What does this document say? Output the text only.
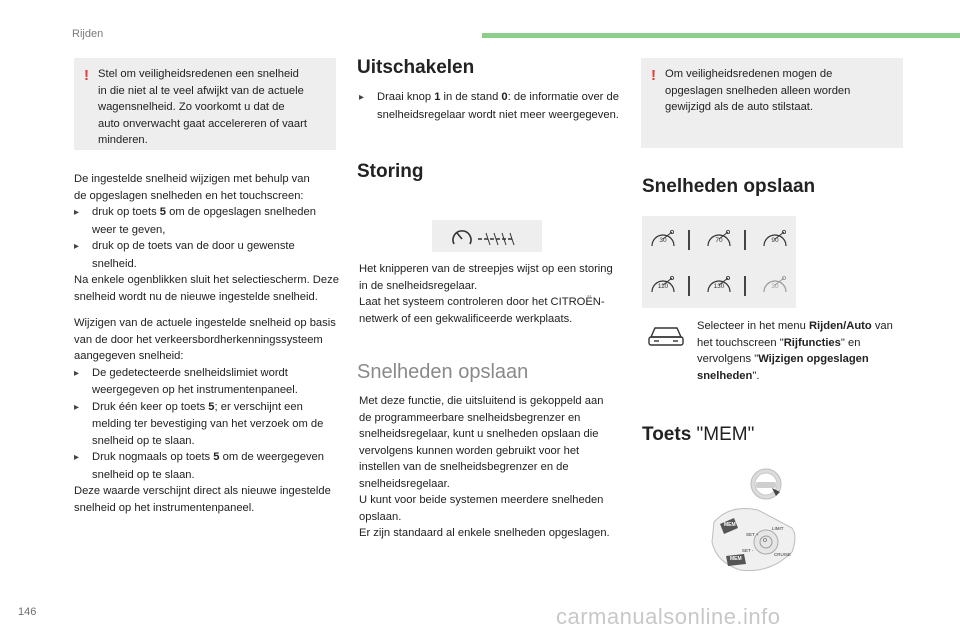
Rijden
! Stel om veiligheidsredenen een snelheid
in die niet al te veel afwijkt van de actuele
wagensnelheid. Zo voorkomt u dat de
auto onverwacht gaat accelereren of vaart
minderen.

De ingestelde snelheid wijzigen met behulp van
de opgeslagen snelheden en het touchscreen:

▸ druk op toets 5 om de opgeslagen snelheden weer te geven,
▸ druk op de toets van de door u gewenste snelheid.
Na enkele ogenblikken sluit het selectiescherm. Deze snelheid wordt nu de nieuwe ingestelde snelheid.

Wijzigen van de actuele ingestelde snelheid op basis van de door het verkeersbordherkenningssysteem aangegeven snelheid:
▸ De gedetecteerde snelheidslimiet wordt weergegeven op het instrumentenpaneel.
▸ Druk één keer op toets 5; er verschijnt een melding ter bevestiging van het verzoek om de snelheid op te slaan.
▸ Druk nogmaals op toets 5 om de weergegeven snelheid op te slaan.
Deze waarde verschijnt direct als nieuwe ingestelde snelheid op het instrumentenpaneel.

Uitschakelen
▸ Draai knop 1 in de stand 0: de informatie over de snelheidsregelaar wordt niet meer weergegeven.
Storing
Het knipperen van de streepjes wijst op een storing in de snelheidsregelaar.
Laat het systeem controleren door het CITROËN-netwerk of een gekwalificeerde werkplaats.
Snelheden opslaan
Met deze functie, die uitsluitend is gekoppeld aan de programmeerbare snelheidsbegrenzer en snelheidsregelaar, kunt u snelheden opslaan die vervolgens kunnen worden gebruikt voor het instellen van de snelheidsbegrenzer en de snelheidsregelaar.
U kunt voor beide systemen meerdere snelheden opslaan.
Er zijn standaard al enkele snelheden opgeslagen.
! Om veiligheidsredenen mogen de
opgeslagen snelheden alleen worden
gewijzigd als de auto stilstaat.
Snelheden opslaan
30	70	90
110	130	30
Selecteer in het menu Rijden/Auto van het touchscreen "Rijfuncties" en vervolgens "Wijzigen opgeslagen snelheden".
Toets "MEM"
MEM
LIMIT
SET +
SET -
CRUISE
O
MEM
146	carmanualsonline.info
